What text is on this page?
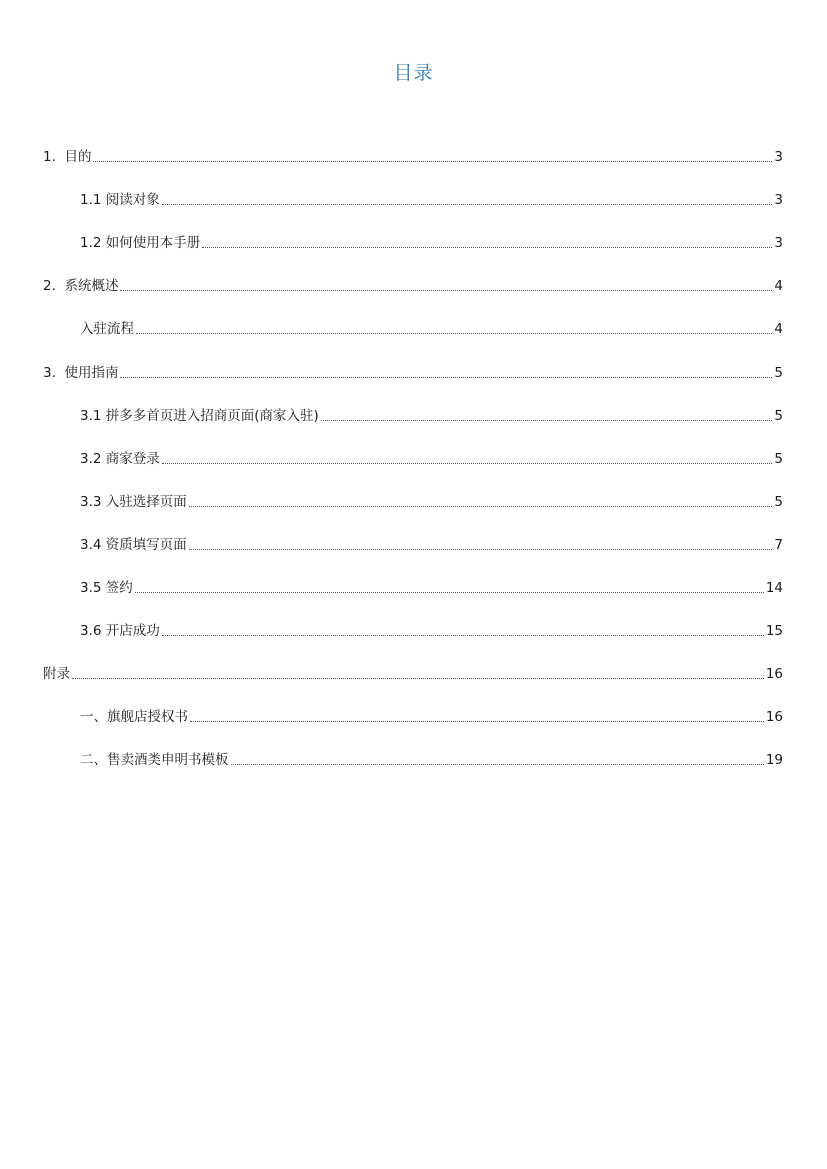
目录
1. 目的	3
1.1 阅读对象	3
1.2 如何使用本手册	3
2. 系统概述	4
入驻流程	4
3. 使用指南	5
3.1 拼多多首页进入招商页面(商家入驻)	5
3.2 商家登录	5
3.3 入驻选择页面	5
3.4 资质填写页面	7
3.5 签约	14
3.6 开店成功	15
附录	16
一、旗舰店授权书	16
二、售卖酒类申明书模板	19
